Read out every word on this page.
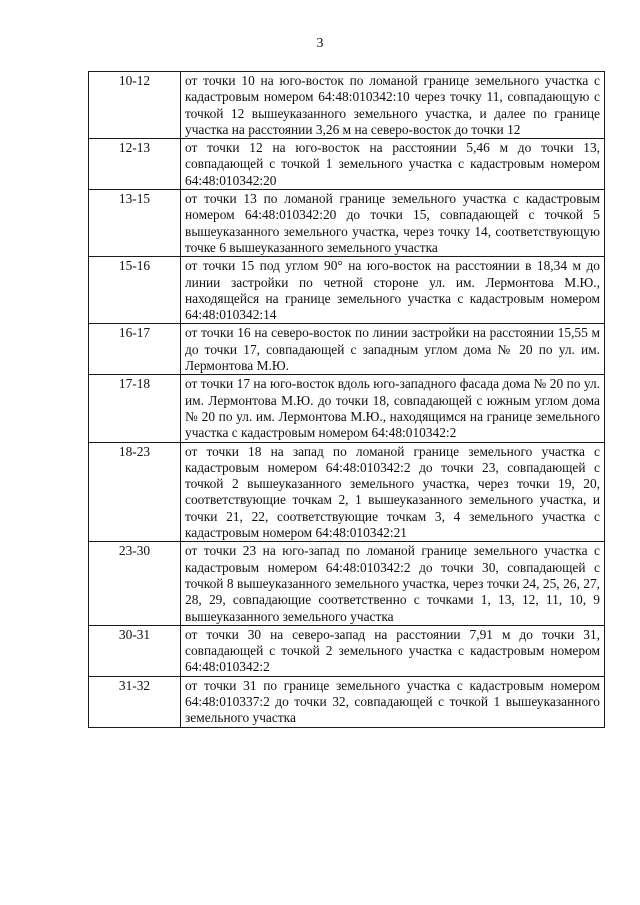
3
10-12	от точки 10 на юго-восток по ломаной границе земельного участка с кадастровым номером 64:48:010342:10 через точку 11, совпадающую с точкой 12 вышеуказанного земельного участка, и далее по границе участка на расстоянии 3,26 м на северо-восток до точки 12
12-13	от точки 12 на юго-восток на расстоянии 5,46 м до точки 13, совпадающей с точкой 1 земельного участка с кадастровым номером 64:48:010342:20
13-15	от точки 13 по ломаной границе земельного участка с кадастровым номером 64:48:010342:20 до точки 15, совпадающей с точкой 5 вышеуказанного земельного участка, через точку 14, соответствующую точке 6 вышеуказанного земельного участка
15-16	от точки 15 под углом 90° на юго-восток на расстоянии в 18,34 м до линии застройки по четной стороне ул. им. Лермонтова М.Ю., находящейся на границе земельного участка с кадастровым номером 64:48:010342:14
16-17	от точки 16 на северо-восток по линии застройки на расстоянии 15,55 м до точки 17, совпадающей с западным углом дома № 20 по ул. им. Лермонтова М.Ю.
17-18	от точки 17 на юго-восток вдоль юго-западного фасада дома № 20 по ул. им. Лермонтова М.Ю. до точки 18, совпадающей с южным углом дома № 20 по ул. им. Лермонтова М.Ю., находящимся на границе земельного участка с кадастровым номером 64:48:010342:2
18-23	от точки 18 на запад по ломаной границе земельного участка с кадастровым номером 64:48:010342:2 до точки 23, совпадающей с точкой 2 вышеуказанного земельного участка, через точки 19, 20, соответствующие точкам 2, 1 вышеуказанного земельного участка, и точки 21, 22, соответствующие точкам 3, 4 земельного участка с кадастровым номером 64:48:010342:21
23-30	от точки 23 на юго-запад по ломаной границе земельного участка с кадастровым номером 64:48:010342:2 до точки 30, совпадающей с точкой 8 вышеуказанного земельного участка, через точки 24, 25, 26, 27, 28, 29, совпадающие соответственно с точками 1, 13, 12, 11, 10, 9 вышеуказанного земельного участка
30-31	от точки 30 на северо-запад на расстоянии 7,91 м до точки 31, совпадающей с точкой 2 земельного участка с кадастровым номером 64:48:010342:2
31-32	от точки 31 по границе земельного участка с кадастровым номером 64:48:010337:2 до точки 32, совпадающей с точкой 1 вышеуказанного земельного участка
